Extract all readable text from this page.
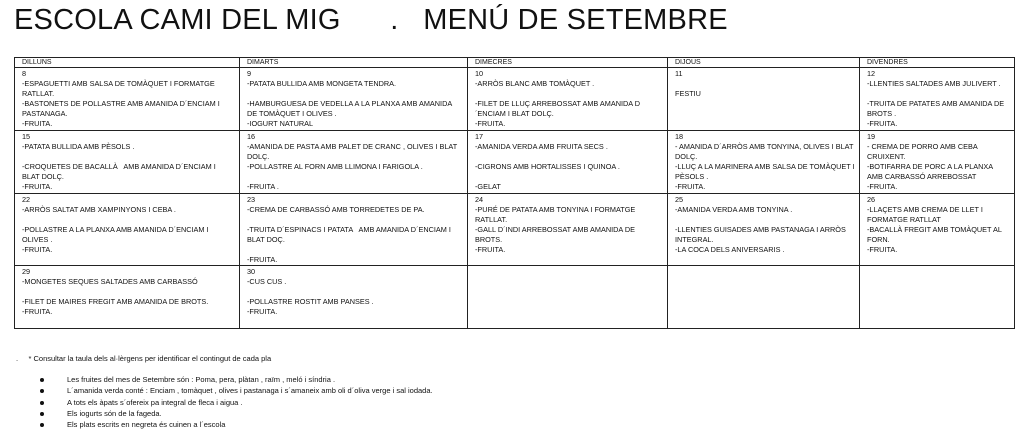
ESCOLA CAMI DEL MIG . MENÚ DE SETEMBRE
DILLUNS	DIMARTS	DIMECRES	DIJOUS	DIVENDRES

8
-ESPAGUETTI AMB SALSA DE TOMÀQUET I FORMATGE RATLLAT.
-BASTONETS DE POLLASTRE AMB AMANIDA D´ENCIAM I PASTANAGA.
-FRUITA.	9
-PATATA BULLIDA AMB MONGETA TENDRA.
-HAMBURGUESA DE VEDELLA A LA PLANXA AMB AMANIDA DE TOMÀQUET I OLIVES .
-IOGURT NATURAL	10
-ARRÒS BLANC AMB TOMÀQUET .
-FILET DE LLUÇ ARREBOSSAT AMB AMANIDA D´ENCIAM I BLAT DOLÇ.
-FRUITA.	11
FESTIU	12
-LLENTIES SALTADES AMB JULIVERT .
-TRUITA DE PATATES AMB AMANIDA DE BROTS .
-FRUITA.

15
-PATATA BULLIDA AMB PÈSOLS .
-CROQUETES DE BACALLÀ   AMB AMANIDA D´ENCIAM I BLAT DOLÇ.
-FRUITA.	16
-AMANIDA DE PASTA AMB PALET DE CRANC , OLIVES I BLAT DOLÇ.
-POLLASTRE AL FORN AMB LLIMONA I FARIGOLA .
-FRUITA .	17
-AMANIDA VERDA AMB FRUITA SECS .
-CIGRONS AMB HORTALISSES I QUINOA .
-GELAT	18
- AMANIDA D´ARRÒS AMB TONYINA, OLIVES I BLAT DOLÇ.
-LLUÇ A LA MARINERA AMB SALSA DE TOMÀQUET I PÈSOLS .
-FRUITA.	19
- CREMA DE PORRO AMB CEBA CRUIXENT.
-BOTIFARRA DE PORC A LA PLANXA AMB CARBASSÓ ARREBOSSAT
-FRUITA.

22
-ARRÒS SALTAT AMB XAMPINYONS I CEBA .
-POLLASTRE A LA PLANXA AMB AMANIDA D´ENCIAM I OLIVES .
-FRUITA.	23
-CREMA DE CARBASSÓ AMB TORREDETES DE PA.
-TRUITA D´ESPINACS I PATATA   AMB AMANIDA D´ENCIAM I BLAT DOÇ.
-FRUITA.	24
-PURÉ DE PATATA AMB TONYINA I FORMATGE RATLLAT.
-GALL D´INDI ARREBOSSAT AMB AMANIDA DE BROTS.
-FRUITA.	25
-AMANIDA VERDA AMB TONYINA .
-LLENTIES GUISADES AMB PASTANAGA I ARRÒS INTEGRAL.
-LA COCA DELS ANIVERSARIS .	26
-LLAÇETS AMB CREMA DE LLET I FORMATGE RATLLAT
-BACALLÀ FREGIT AMB TOMÀQUET AL FORN.
-FRUITA.

29
-MONGETES SEQUES SALTADES AMB CARBASSÓ
-FILET DE MAIRES FREGIT AMB AMANIDA DE BROTS.
-FRUITA.	30
-CUS CUS .
-POLLASTRE ROSTIT AMB PANSES .
-FRUITA.			

.     * Consultar la taula dels al·lèrgens per identificar el contingut de cada pla
Les fruites del mes de Setembre són : Poma, pera, plàtan , raïm , meló i síndria .
L´amanida verda conté : Enciam , tomàquet , olives i pastanaga i s´amaneix amb oli d´oliva verge i sal iodada.
A tots els àpats s´ofereix pa integral de fleca i aigua .
Els iogurts són de la fageda.
Els plats escrits en negreta és cuinen a l´escola
